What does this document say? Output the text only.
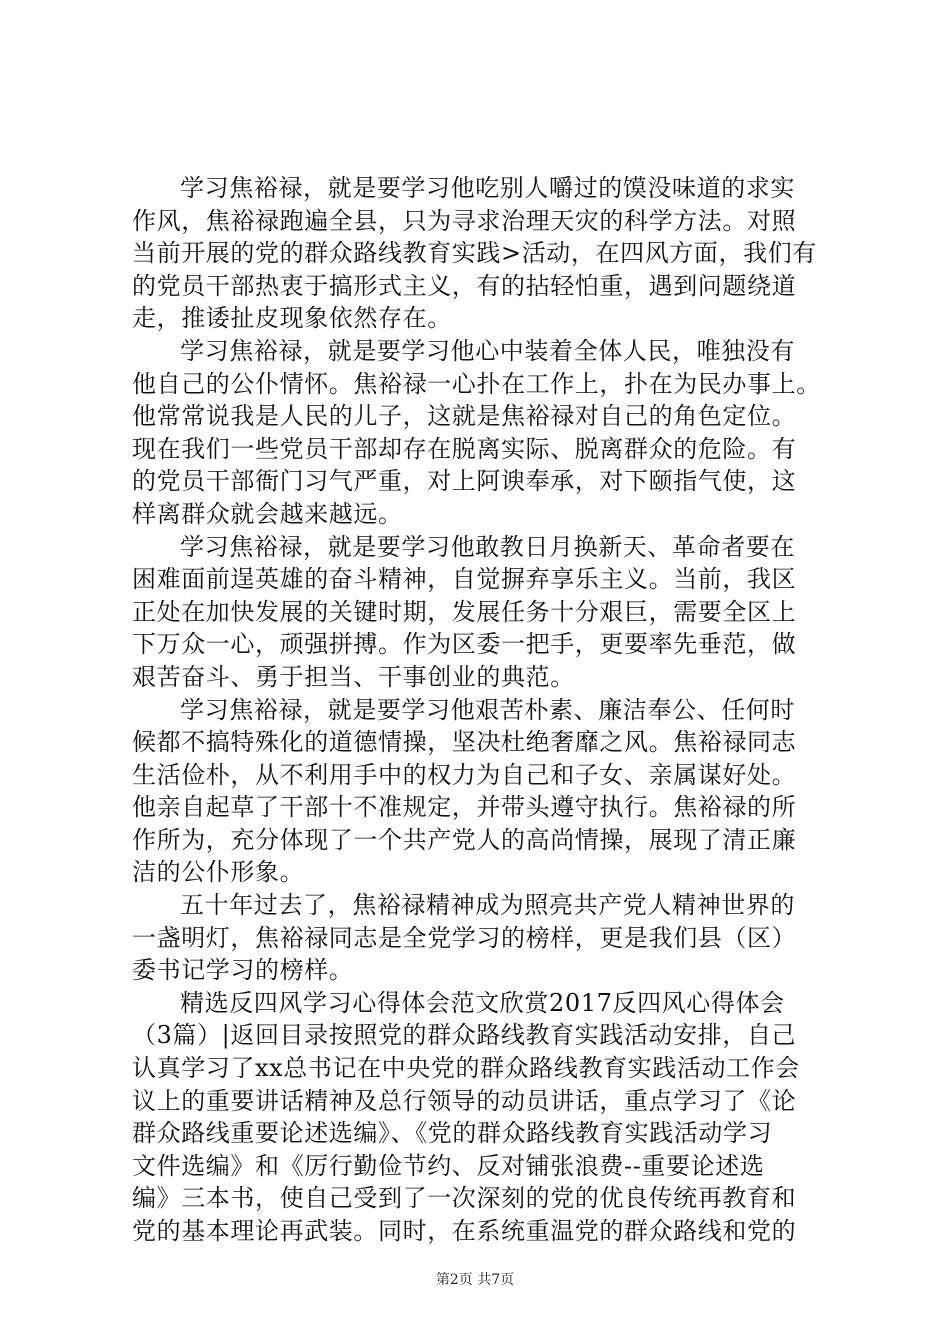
学习焦裕禄，就是要学习他吃别人嚼过的馍没味道的求实
作风，焦裕禄跑遍全县，只为寻求治理天灾的科学方法。对照
当前开展的党的群众路线教育实践>活动，在四风方面，我们有
的党员干部热衷于搞形式主义，有的拈轻怕重，遇到问题绕道
走，推诿扯皮现象依然存在。
学习焦裕禄，就是要学习他心中装着全体人民，唯独没有
他自己的公仆情怀。焦裕禄一心扑在工作上，扑在为民办事上。
他常常说我是人民的儿子，这就是焦裕禄对自己的角色定位。
现在我们一些党员干部却存在脱离实际、脱离群众的危险。有
的党员干部衙门习气严重，对上阿谀奉承，对下颐指气使，这
样离群众就会越来越远。
学习焦裕禄，就是要学习他敢教日月换新天、革命者要在
困难面前逞英雄的奋斗精神，自觉摒弃享乐主义。当前，我区
正处在加快发展的关键时期，发展任务十分艰巨，需要全区上
下万众一心，顽强拼搏。作为区委一把手，更要率先垂范，做
艰苦奋斗、勇于担当、干事创业的典范。
学习焦裕禄，就是要学习他艰苦朴素、廉洁奉公、任何时
候都不搞特殊化的道德情操，坚决杜绝奢靡之风。焦裕禄同志
生活俭朴，从不利用手中的权力为自己和子女、亲属谋好处。
他亲自起草了干部十不准规定，并带头遵守执行。焦裕禄的所
作所为，充分体现了一个共产党人的高尚情操，展现了清正廉
洁的公仆形象。
五十年过去了，焦裕禄精神成为照亮共产党人精神世界的
一盏明灯，焦裕禄同志是全党学习的榜样，更是我们县（区）
委书记学习的榜样。
精选反四风学习心得体会范文欣赏2017反四风心得体会
（3篇）|返回目录按照党的群众路线教育实践活动安排，自己
认真学习了xx总书记在中央党的群众路线教育实践活动工作会
议上的重要讲话精神及总行领导的动员讲话，重点学习了《论
群众路线重要论述选编》、《党的群众路线教育实践活动学习
文件选编》和《厉行勤俭节约、反对铺张浪费--重要论述选
编》三本书，使自己受到了一次深刻的党的优良传统再教育和
党的基本理论再武装。同时，在系统重温党的群众路线和党的
第2页 共7页
